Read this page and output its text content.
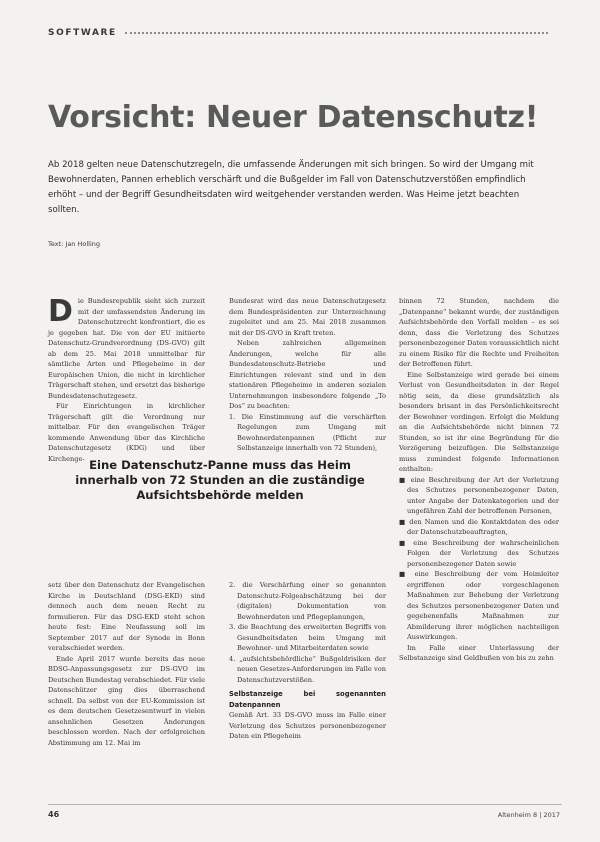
SOFTWARE
Vorsicht: Neuer Datenschutz!
Ab 2018 gelten neue Datenschutzregeln, die umfassende Änderungen mit sich bringen. So wird der Umgang mit Bewohnerdaten, Pannen erheblich verschärft und die Bußgelder im Fall von Datenschutzverstößen empfindlich erhöht – und der Begriff Gesundheitsdaten wird weitgehender verstanden werden. Was Heime jetzt beachten sollten.
Text: Jan Holling

Die Bundesrepublik sieht sich zurzeit mit der umfassendsten Änderung im Datenschutzrecht konfrontiert, die es je gegeben hat. Die von der EU initiierte Datenschutz-Grundverordnung (DS-GVO) gilt ab dem 25. Mai 2018 unmittelbar für sämtliche Arten und Pflegeheime in der Europäischen Union, die nicht in kirchlicher Trägerschaft stehen, und ersetzt das bisherige Bundesdatenschutzgesetz.

Für Einrichtungen in kirchlicher Trägerschaft gilt die Verordnung nur mittelbar. Für den evangelischen Träger kommende Anwendung über das Kirchliche Datenschutzgesetz (KDG) und über Kirchenge-

Bundesrat wird das neue Datenschutzgesetz dem Bundespräsidenten zur Unterzeichnung zugeleitet und am 25. Mai 2018 zusammen mit der DS-GVO in Kraft treten.

Neben zahlreichen allgemeinen Änderungen, welche für alle Bundesdatenschutz-Betriebe und Einrichtungen relevant sind und in den stationären Pflegeheime in anderen sozialen Unternehmungen insbesondere folgende „To Dos“ zu beachten:

1. Die Einstimmung auf die verschärften Regelungen zum Umgang mit Bewohnerdatenpannen (Pflicht zur Selbstanzeige innerhalb von 72 Stunden),

binnen 72 Stunden, nachdem die „Datenpanne“ bekannt wurde, der zuständigen Aufsichtsbehörde den Vorfall melden – es sei denn, dass die Verletzung des Schutzes personenbezogener Daten voraussichtlich nicht zu einem Risiko für die Rechte und Freiheiten der Betroffenen führt.

Eine Selbstanzeige wird gerade bei einem Verlust von Gesundheitsdaten in der Regel nötig sein, da diese grundsätzlich als besonders brisant in das Persönlichkeitsrecht der Bewohner vordingen. Erfolgt die Meldung an die Aufsichtsbehörde nicht binnen 72 Stunden, so ist ihr eine Begründung für die Verzögerung beizufügen. Die Selbstanzeige muss zumindest folgende Informationen enthalten:

■ eine Beschreibung der Art der Verletzung des Schutzes personenbezogener Daten, unter Angabe der Datenkategorien und der ungefähren Zahl der betroffenen Personen,

■ den Namen und die Kontaktdaten des oder der Datenschutzbeauftragten,

■ eine Beschreibung der wahrscheinlichen Folgen der Verletzung des Schutzes personenbezogener Daten sowie

■ eine Beschreibung der vom Heimleiter ergriffenen oder vorgeschlagenen Maßnahmen zur Behebung der Verletzung des Schutzes personenbezogener Daten und gegebenenfalls Maßnahmen zur Abmilderung ihrer möglichen nachteiligen Auswirkungen.

Im Falle einer Unterlassung der Selbstanzeige sind Geldbußen von bis zu zehn

Eine Datenschutz-Panne muss das Heim innerhalb von 72 Stunden an die zuständige Aufsichtsbehörde melden

setz über den Datenschutz der Evangelischen Kirche in Deutschland (DSG-EKD) sind dennoch auch dem neuen Recht zu formulieren. Für das DSG-EKD steht schon heute fest: Eine Neufassung soll im September 2017 auf der Synode in Bonn verabschiedet werden.

Ende April 2017 wurde bereits das neue BDSG-Anpassungsgesetz zur DS-GVO im Deutschen Bundestag verabschiedet. Für viele Datenschützer ging dies überraschend schnell. Da selbst von der EU-Kommission ist es dem deutschen Gesetzesentwurf in vielen ansehnlichen Gesetzen Änderungen beschlossen worden. Nach der erfolgreichen Abstimmung am 12. Mai im

2. die Verschärfung einer so genannten Datenschutz-Folgeabschätzung bei der (digitalen) Dokumentation von Bewohnerdaten und Pflegeplanungen,

3. die Beachtung des erweiterten Begriffs von Gesundheitsdaten beim Umgang mit Bewohner- und Mitarbeiterdaten sowie

4. „aufsichtsbehördliche“ Bußgeldrisiken der neuen Gesetzes-Anforderungen im Falle von Datenschutzverstößen.

Selbstanzeige bei sogenannten Datenpannen

Gemäß Art. 33 DS-GVO muss im Falle einer Verletzung des Schutzes personenbezogener Daten ein Pflegeheim

46	Altenheim 8 | 2017
